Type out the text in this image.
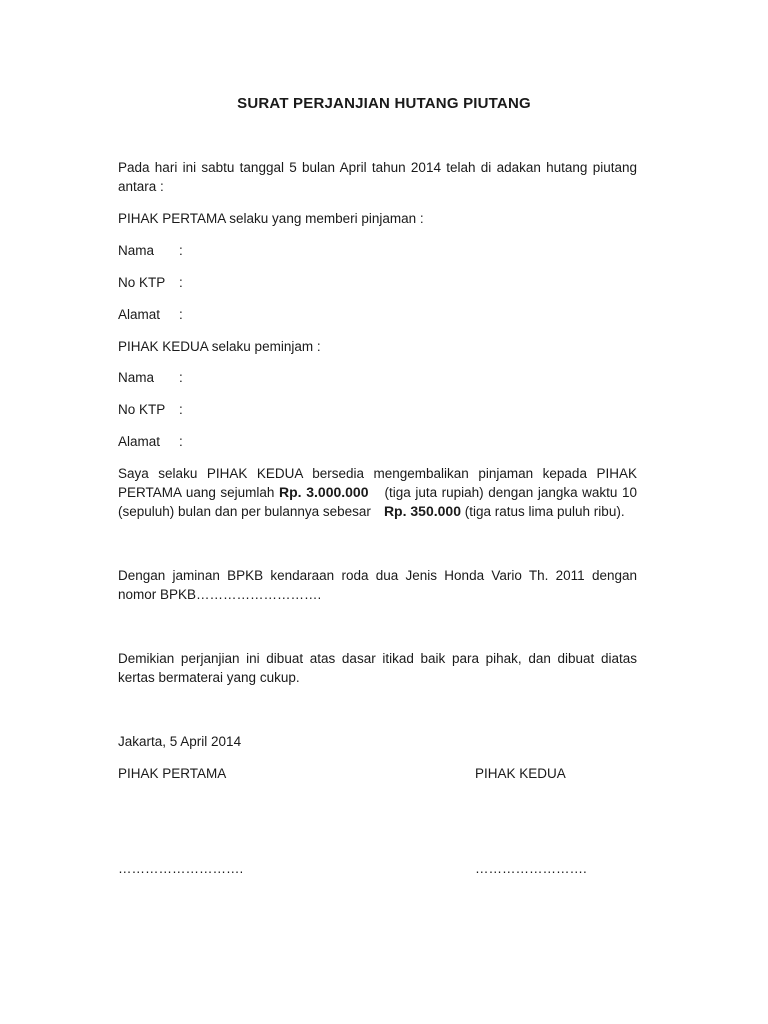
SURAT PERJANJIAN HUTANG PIUTANG
Pada hari ini sabtu tanggal 5 bulan April tahun 2014 telah di adakan hutang piutang antara :
PIHAK PERTAMA selaku yang memberi pinjaman :
Nama :
No KTP :
Alamat :
PIHAK KEDUA selaku peminjam :
Nama :
No KTP :
Alamat :
Saya selaku PIHAK KEDUA bersedia mengembalikan pinjaman kepada PIHAK PERTAMA uang sejumlah Rp. 3.000.000 (tiga juta rupiah) dengan jangka waktu 10 (sepuluh) bulan dan per bulannya sebesar Rp. 350.000 (tiga ratus lima puluh ribu).
Dengan jaminan BPKB kendaraan roda dua Jenis Honda Vario Th. 2011 dengan nomor BPKB……………………….
Demikian perjanjian ini dibuat atas dasar itikad baik para pihak, dan dibuat diatas kertas bermaterai yang cukup.
Jakarta, 5 April 2014
PIHAK PERTAMA	PIHAK KEDUA
……………………….	…………………….
